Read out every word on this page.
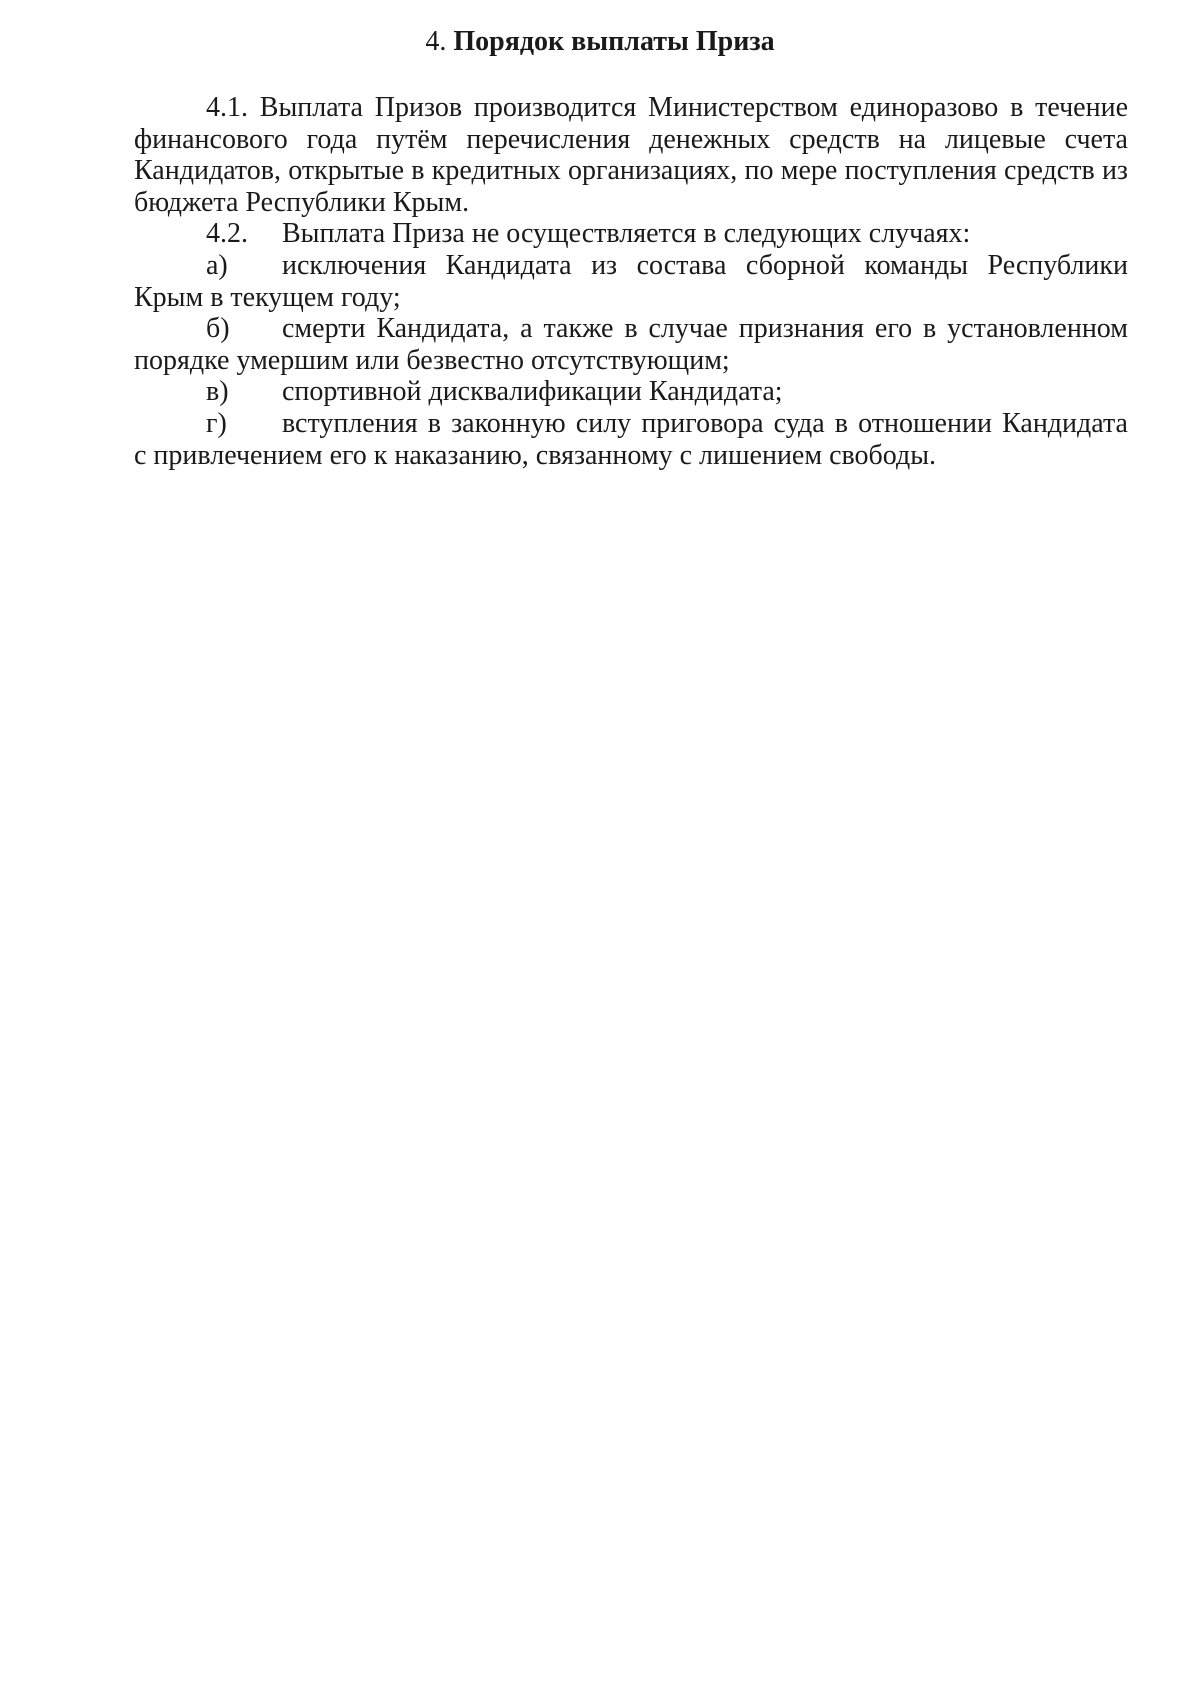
4. Порядок выплаты Приза

4.1. Выплата Призов производится Министерством единоразово в течение финансового года путём перечисления денежных средств на лицевые счета Кандидатов, открытые в кредитных организациях, по мере поступления средств из бюджета Республики Крым.

4.2. Выплата Приза не осуществляется в следующих случаях:

а) исключения Кандидата из состава сборной команды Республики

Крым в текущем году;

б) смерти Кандидата, а также в случае признания его в установленном

порядке умершим или безвестно отсутствующим;

в) спортивной дисквалификации Кандидата;

г) вступления в законную силу приговора суда в отношении Кандидата

с привлечением его к наказанию, связанному с лишением свободы.
